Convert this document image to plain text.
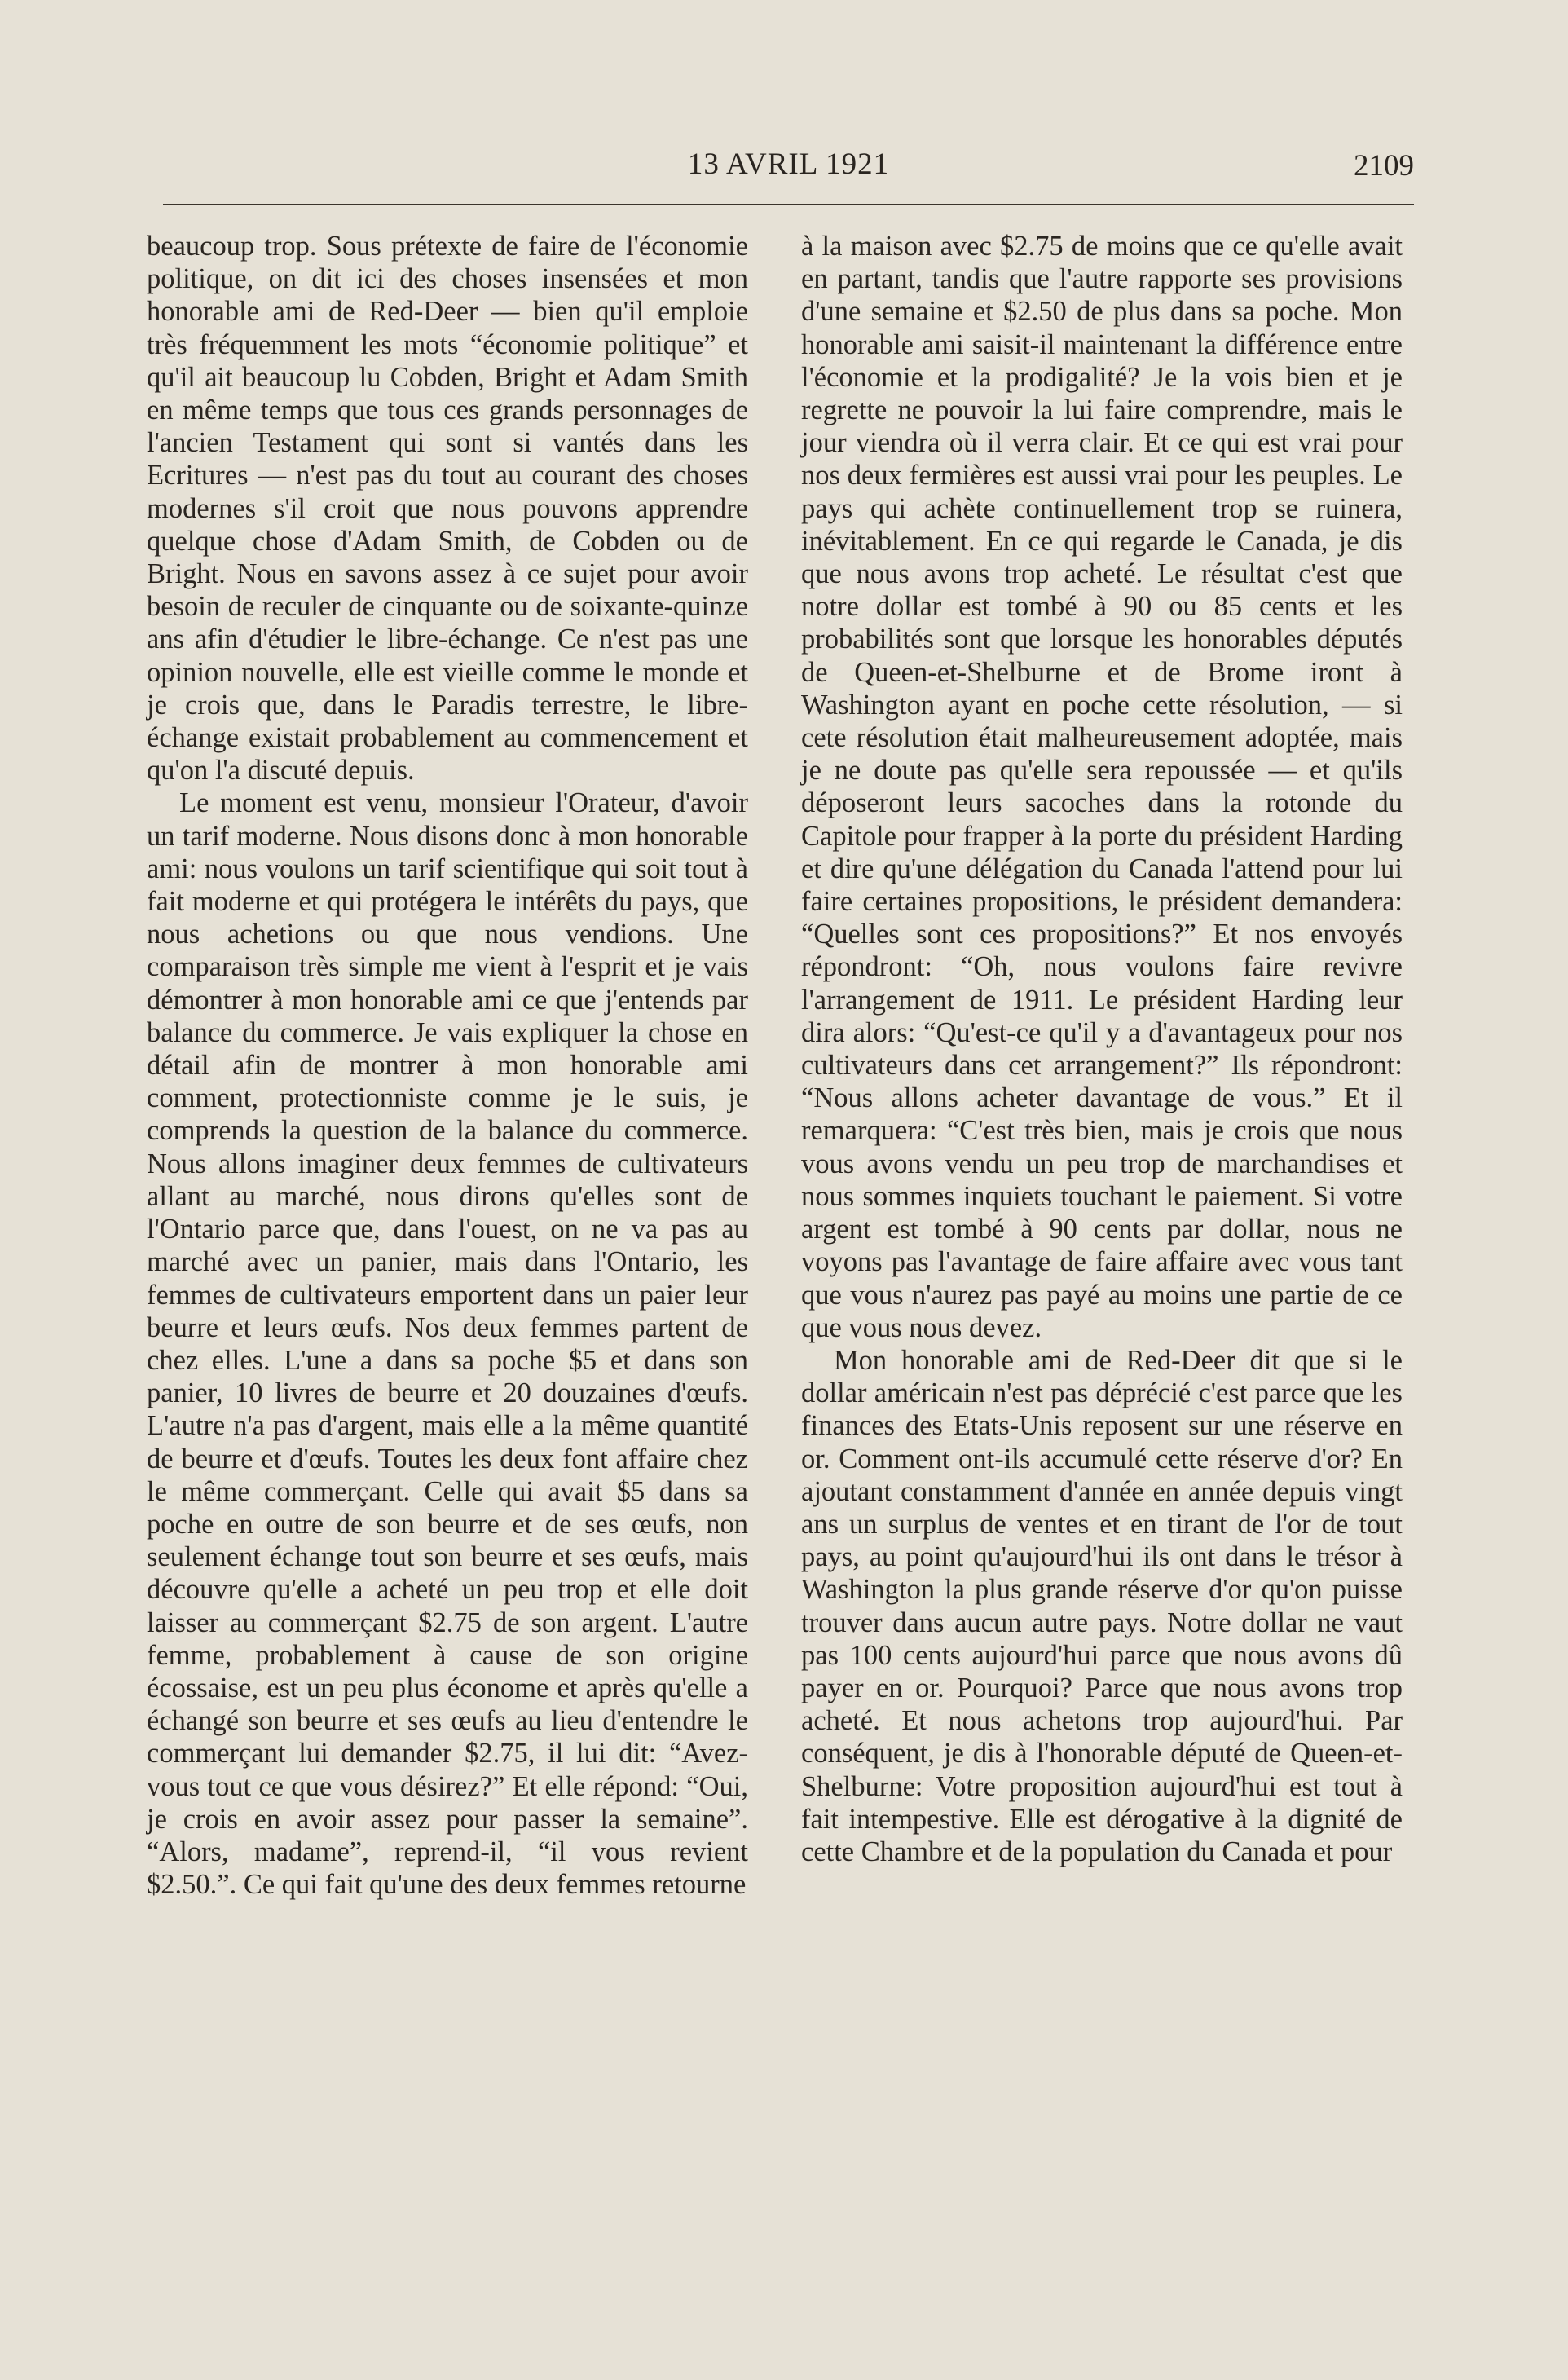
13 AVRIL 1921	2109

beaucoup trop. Sous prétexte de faire de l'économie politique, on dit ici des choses insensées et mon honorable ami de Red-Deer — bien qu'il emploie très fréquemment les mots “économie politique” et qu'il ait beaucoup lu Cobden, Bright et Adam Smith en même temps que tous ces grands personnages de l'ancien Testament qui sont si vantés dans les Ecritures — n'est pas du tout au courant des choses modernes s'il croit que nous pouvons apprendre quelque chose d'Adam Smith, de Cobden ou de Bright. Nous en savons assez à ce sujet pour avoir besoin de reculer de cinquante ou de soixante-quinze ans afin d'étudier le libre-échange. Ce n'est pas une opinion nouvelle, elle est vieille comme le monde et je crois que, dans le Paradis terrestre, le libre-échange existait probablement au commencement et qu'on l'a discuté depuis.

Le moment est venu, monsieur l'Orateur, d'avoir un tarif moderne. Nous disons donc à mon honorable ami: nous voulons un tarif scientifique qui soit tout à fait moderne et qui protégera le intérêts du pays, que nous achetions ou que nous vendions. Une comparaison très simple me vient à l'esprit et je vais démontrer à mon honorable ami ce que j'entends par balance du commerce. Je vais expliquer la chose en détail afin de montrer à mon honorable ami comment, protectionniste comme je le suis, je comprends la question de la balance du commerce. Nous allons imaginer deux femmes de cultivateurs allant au marché, nous dirons qu'elles sont de l'Ontario parce que, dans l'ouest, on ne va pas au marché avec un panier, mais dans l'Ontario, les femmes de cultivateurs emportent dans un paier leur beurre et leurs œufs. Nos deux femmes partent de chez elles. L'une a dans sa poche $5 et dans son panier, 10 livres de beurre et 20 douzaines d'œufs. L'autre n'a pas d'argent, mais elle a la même quantité de beurre et d'œufs. Toutes les deux font affaire chez le même commerçant. Celle qui avait $5 dans sa poche en outre de son beurre et de ses œufs, non seulement échange tout son beurre et ses œufs, mais découvre qu'elle a acheté un peu trop et elle doit laisser au commerçant $2.75 de son argent. L'autre femme, probablement à cause de son origine écossaise, est un peu plus économe et après qu'elle a échangé son beurre et ses œufs au lieu d'entendre le commerçant lui demander $2.75, il lui dit: “Avez-vous tout ce que vous désirez?” Et elle répond: “Oui, je crois en avoir assez pour passer la semaine”. “Alors, madame”, reprend-il, “il vous revient $2.50.”. Ce qui fait qu'une des deux femmes retourne

à la maison avec $2.75 de moins que ce qu'elle avait en partant, tandis que l'autre rapporte ses provisions d'une semaine et $2.50 de plus dans sa poche. Mon honorable ami saisit-il maintenant la différence entre l'économie et la prodigalité? Je la vois bien et je regrette ne pouvoir la lui faire comprendre, mais le jour viendra où il verra clair. Et ce qui est vrai pour nos deux fermières est aussi vrai pour les peuples. Le pays qui achète continuellement trop se ruinera, inévitablement. En ce qui regarde le Canada, je dis que nous avons trop acheté. Le résultat c'est que notre dollar est tombé à 90 ou 85 cents et les probabilités sont que lorsque les honorables députés de Queen-et-Shelburne et de Brome iront à Washington ayant en poche cette résolution, — si cete résolution était malheureusement adoptée, mais je ne doute pas qu'elle sera repoussée — et qu'ils déposeront leurs sacoches dans la rotonde du Capitole pour frapper à la porte du président Harding et dire qu'une délégation du Canada l'attend pour lui faire certaines propositions, le président demandera: “Quelles sont ces propositions?” Et nos envoyés répondront: “Oh, nous voulons faire revivre l'arrangement de 1911. Le président Harding leur dira alors: “Qu'est-ce qu'il y a d'avantageux pour nos cultivateurs dans cet arrangement?” Ils répondront: “Nous allons acheter davantage de vous.” Et il remarquera: “C'est très bien, mais je crois que nous vous avons vendu un peu trop de marchandises et nous sommes inquiets touchant le paiement. Si votre argent est tombé à 90 cents par dollar, nous ne voyons pas l'avantage de faire affaire avec vous tant que vous n'aurez pas payé au moins une partie de ce que vous nous devez.

Mon honorable ami de Red-Deer dit que si le dollar américain n'est pas déprécié c'est parce que les finances des Etats-Unis reposent sur une réserve en or. Comment ont-ils accumulé cette réserve d'or? En ajoutant constamment d'année en année depuis vingt ans un surplus de ventes et en tirant de l'or de tout pays, au point qu'aujourd'hui ils ont dans le trésor à Washington la plus grande réserve d'or qu'on puisse trouver dans aucun autre pays. Notre dollar ne vaut pas 100 cents aujourd'hui parce que nous avons dû payer en or. Pourquoi? Parce que nous avons trop acheté. Et nous achetons trop aujourd'hui. Par conséquent, je dis à l'honorable député de Queen-et-Shelburne: Votre proposition aujourd'hui est tout à fait intempestive. Elle est dérogative à la dignité de cette Chambre et de la population du Canada et pour
